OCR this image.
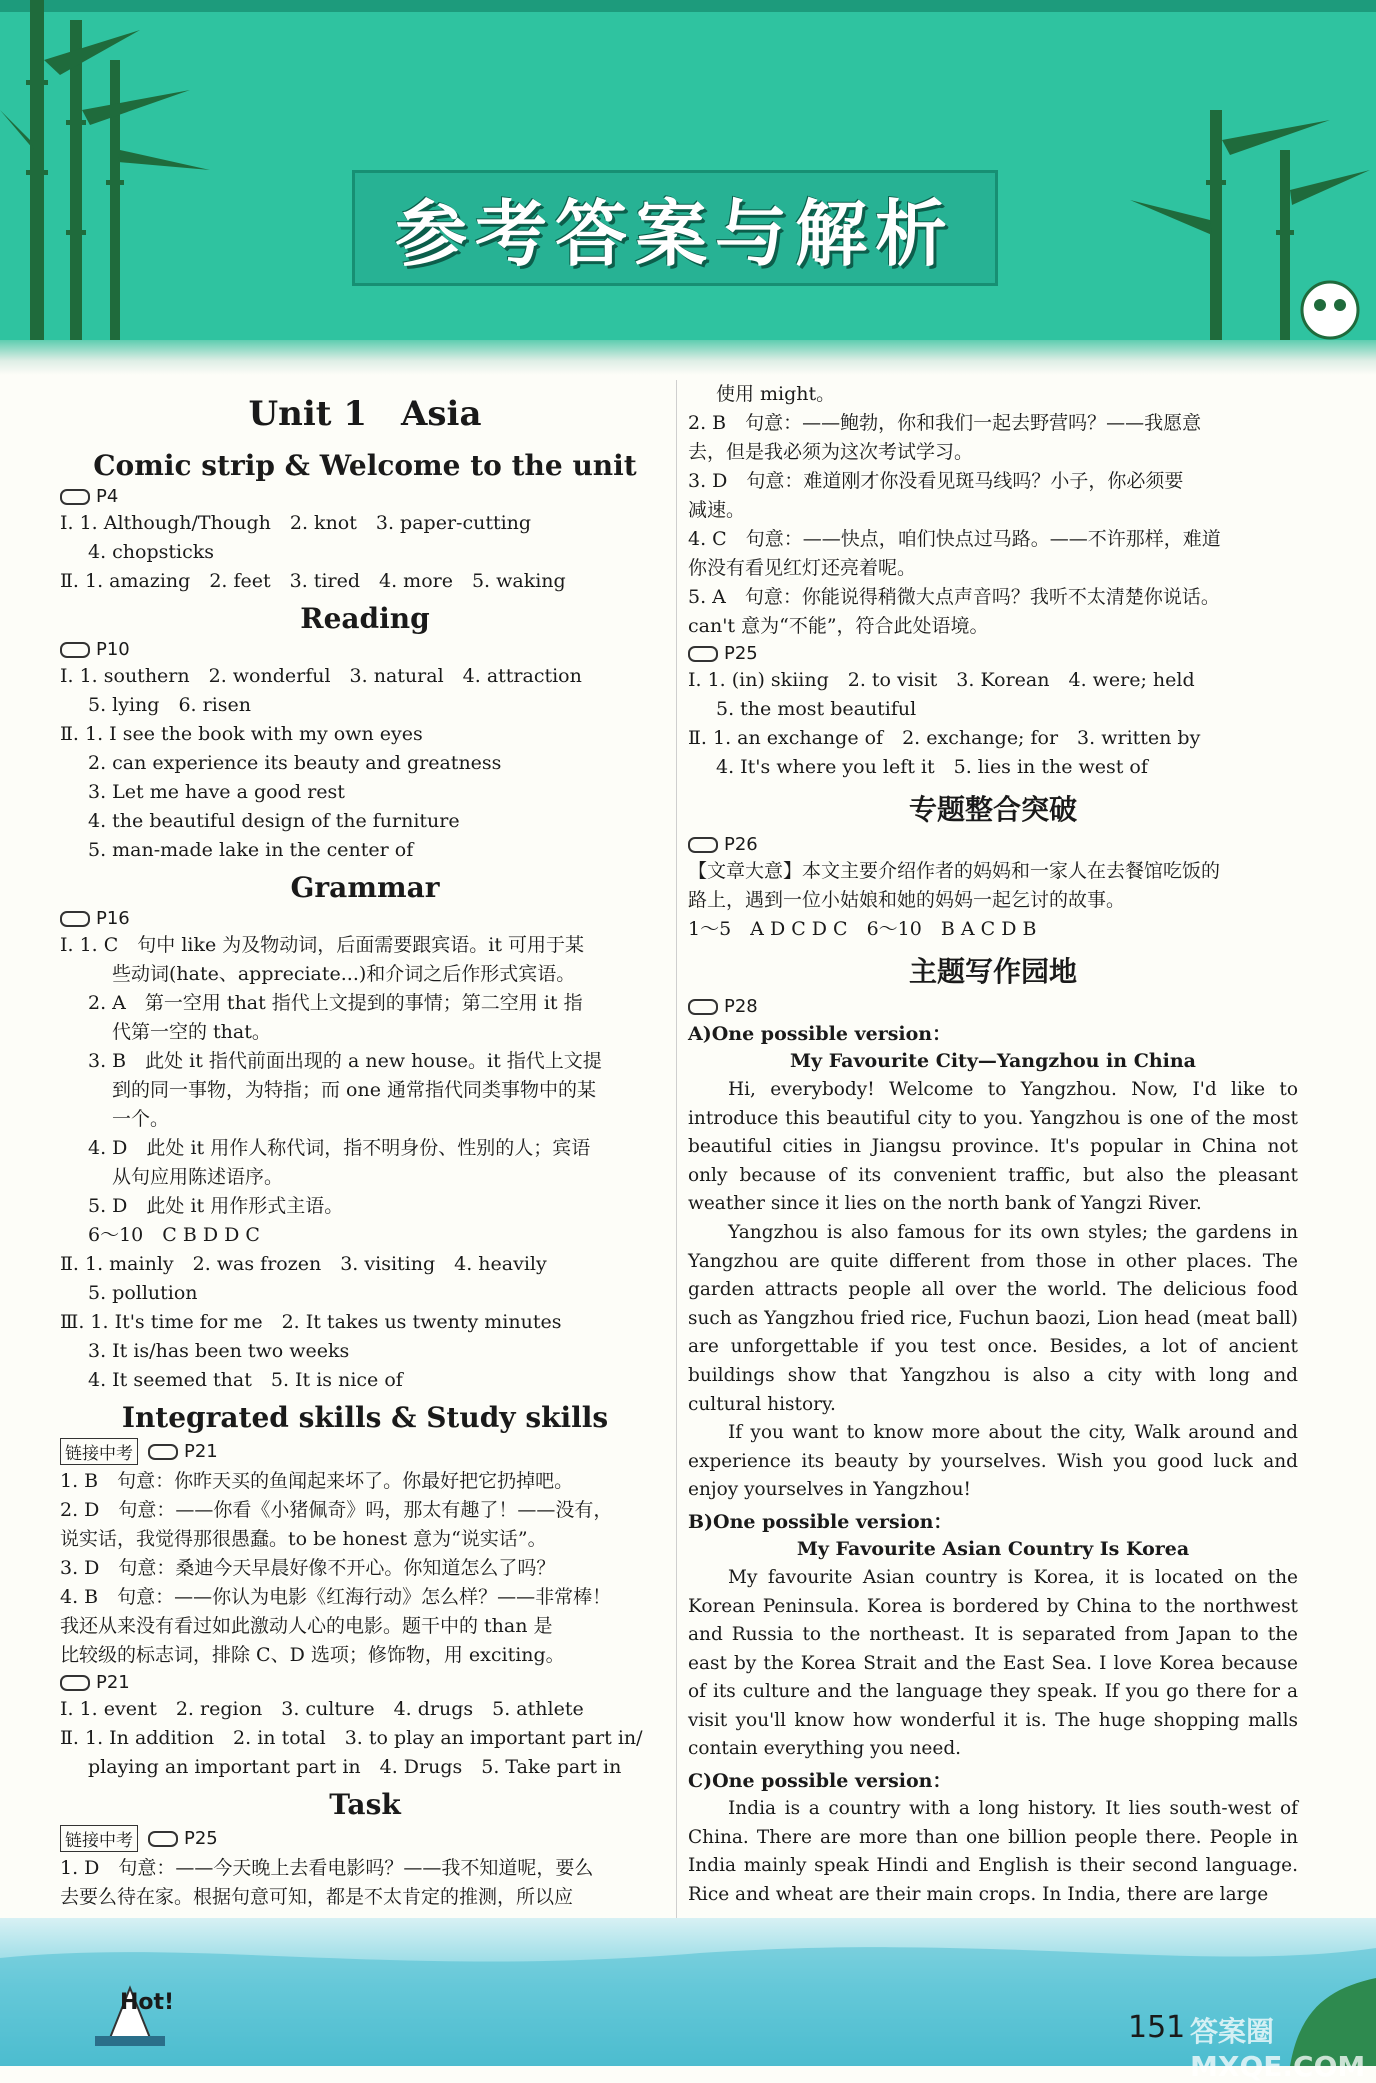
参考答案与解析
Unit 1　Asia
Comic strip & Welcome to the unit
P4
Ⅰ. 1. Although/Though　2. knot　3. paper-cutting
4. chopsticks
Ⅱ. 1. amazing　2. feet　3. tired　4. more　5. waking
Reading
P10
Ⅰ. 1. southern　2. wonderful　3. natural　4. attraction
5. lying　6. risen
Ⅱ. 1. I see the book with my own eyes
2. can experience its beauty and greatness
3. Let me have a good rest
4. the beautiful design of the furniture
5. man-made lake in the center of
Grammar
P16
Ⅰ. 1. C　句中 like 为及物动词，后面需要跟宾语。it 可用于某
些动词(hate、appreciate...)和介词之后作形式宾语。
2. A　第一空用 that 指代上文提到的事情；第二空用 it 指
代第一空的 that。
3. B　此处 it 指代前面出现的 a new house。it 指代上文提
到的同一事物，为特指；而 one 通常指代同类事物中的某
一个。
4. D　此处 it 用作人称代词，指不明身份、性别的人；宾语
从句应用陈述语序。
5. D　此处 it 用作形式主语。
6～10　C B D D C
Ⅱ. 1. mainly　2. was frozen　3. visiting　4. heavily
5. pollution
Ⅲ. 1. It's time for me　2. It takes us twenty minutes
3. It is/has been two weeks
4. It seemed that　5. It is nice of
Integrated skills & Study skills
链接中考	P21
1. B　句意：你昨天买的鱼闻起来坏了。你最好把它扔掉吧。
2. D　句意：——你看《小猪佩奇》吗，那太有趣了！——没有，
说实话，我觉得那很愚蠢。to be honest 意为“说实话”。
3. D　句意：桑迪今天早晨好像不开心。你知道怎么了吗？
4. B　句意：——你认为电影《红海行动》怎么样？——非常棒！
我还从来没有看过如此激动人心的电影。题干中的 than 是
比较级的标志词，排除 C、D 选项；修饰物，用 exciting。
P21
Ⅰ. 1. event　2. region　3. culture　4. drugs　5. athlete
Ⅱ. 1. In addition　2. in total　3. to play an important part in/
playing an important part in　4. Drugs　5. Take part in
Task
链接中考	P25
1. D　句意：——今天晚上去看电影吗？——我不知道呢，要么
去要么待在家。根据句意可知，都是不太肯定的推测，所以应
使用 might。
2. B　句意：——鲍勃，你和我们一起去野营吗？——我愿意
去，但是我必须为这次考试学习。
3. D　句意：难道刚才你没看见斑马线吗？小子，你必须要
减速。
4. C　句意：——快点，咱们快点过马路。——不许那样，难道
你没有看见红灯还亮着呢。
5. A　句意：你能说得稍微大点声音吗？我听不太清楚你说话。
can't 意为“不能”，符合此处语境。
P25
Ⅰ. 1. (in) skiing　2. to visit　3. Korean　4. were; held
5. the most beautiful
Ⅱ. 1. an exchange of　2. exchange; for　3. written by
4. It's where you left it　5. lies in the west of
专题整合突破
P26
【文章大意】本文主要介绍作者的妈妈和一家人在去餐馆吃饭的
路上，遇到一位小姑娘和她的妈妈一起乞讨的故事。
1～5　A D C D C　6～10　B A C D B
主题写作园地
P28
A)One possible version：
My Favourite City—Yangzhou in China
Hi, everybody! Welcome to Yangzhou. Now, I'd like to introduce this beautiful city to you. Yangzhou is one of the most beautiful cities in Jiangsu province. It's popular in China not only because of its convenient traffic, but also the pleasant weather since it lies on the north bank of Yangzi River.
Yangzhou is also famous for its own styles; the gardens in Yangzhou are quite different from those in other places. The garden attracts people all over the world. The delicious food such as Yangzhou fried rice, Fuchun baozi, Lion head (meat ball) are unforgettable if you test once. Besides, a lot of ancient buildings show that Yangzhou is also a city with long and cultural history.
If you want to know more about the city, Walk around and experience its beauty by yourselves. Wish you good luck and enjoy yourselves in Yangzhou!
B)One possible version：
My Favourite Asian Country Is Korea
My favourite Asian country is Korea, it is located on the Korean Peninsula. Korea is bordered by China to the northwest and Russia to the northeast. It is separated from Japan to the east by the Korea Strait and the East Sea. I love Korea because of its culture and the language they speak. If you go there for a visit you'll know how wonderful it is. The huge shopping malls contain everything you need.
C)One possible version：
India is a country with a long history. It lies south-west of China. There are more than one billion people there. People in India mainly speak Hindi and English is their second language. Rice and wheat are their main crops. In India, there are large
Hot!
151 答案圈 MXQE.COM
